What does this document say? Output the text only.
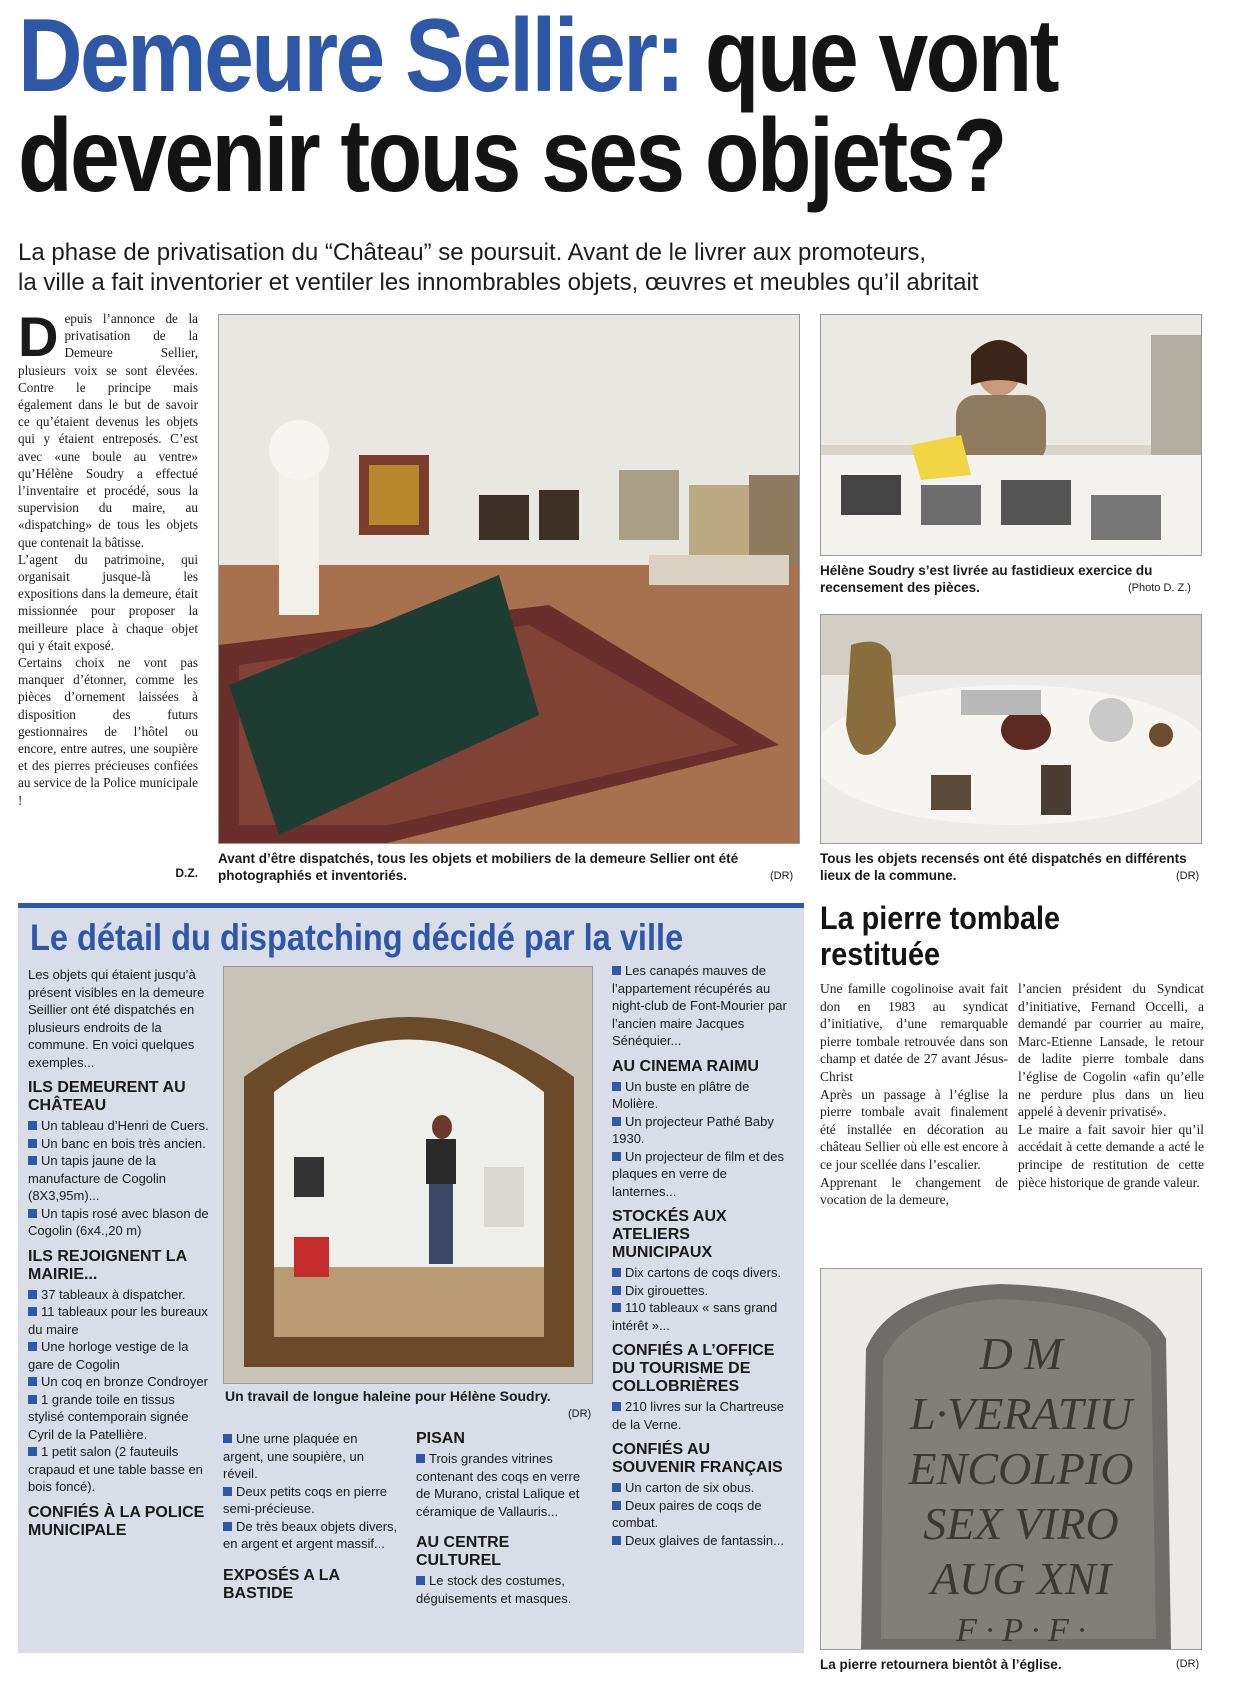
Demeure Sellier: que vont
devenir tous ses objets?
La phase de privatisation du “Château” se poursuit. Avant de le livrer aux promoteurs,
la ville a fait inventorier et ventiler les innombrables objets, œuvres et meubles qu’il abritait
D epuis l’annonce de la privatisation de la Demeure Sellier, plusieurs voix se sont élevées. Contre le principe mais également dans le but de savoir ce qu’étaient devenus les objets qui y étaient entreposés. C’est avec «une boule au ventre» qu’Hélène Soudry a effectué l’inventaire et procédé, sous la supervision du maire, au «dispatching» de tous les objets que contenait la bâtisse.

L’agent du patrimoine, qui organisait jusque-là les expositions dans la demeure, était missionnée pour proposer la meilleure place à chaque objet qui y était exposé.

Certains choix ne vont pas manquer d’étonner, comme les pièces d’ornement laissées à disposition des futurs gestionnaires de l’hôtel ou encore, entre autres, une soupière et des pierres précieuses confiées au service de la Police municipale !

D.Z.
Avant d’être dispatchés, tous les objets et mobiliers de la demeure Sellier ont été photographiés et inventoriés.	(DR)
Hélène Soudry s’est livrée au fastidieux exercice du recensement des pièces.	(Photo D. Z.)
Tous les objets recensés ont été dispatchés en différents lieux de la commune.	(DR)
Le détail du dispatching décidé par la ville
Les objets qui étaient jusqu’à présent visibles en la demeure Seillier ont été dispatchés en plusieurs endroits de la commune. En voici quelques exemples...
ILS DEMEURENT AU CHÂTEAU
Un tableau d’Henri de Cuers.
Un banc en bois très ancien.
Un tapis jaune de la manufacture de Cogolin (8X3,95m)...
Un tapis rosé avec blason de Cogolin (6x4.,20 m)
ILS REJOIGNENT LA MAIRIE...
37 tableaux à dispatcher.
11 tableaux pour les bureaux du maire
Une horloge vestige de la gare de Cogolin
Un coq en bronze Condroyer
1 grande toile en tissus stylisé contemporain signée Cyril de la Patellière.
1 petit salon (2 fauteuils crapaud et une table basse en bois foncé).
CONFIÉS À LA POLICE MUNICIPALE
Un travail de longue haleine pour Hélène Soudry.
(DR)
Une urne plaquée en argent, une soupière, un réveil.
Deux petits coqs en pierre semi-précieuse.
De très beaux objets divers, en argent et argent massif...
EXPOSÉS A LA BASTIDE
PISAN
Trois grandes vitrines contenant des coqs en verre de Murano, cristal Lalique et céramique de Vallauris...
AU CENTRE CULTUREL
Le stock des costumes, déguisements et masques.
Les canapés mauves de l’appartement récupérés au night-club de Font-Mourier par l’ancien maire Jacques Sénéquier...
AU CINEMA RAIMU
Un buste en plâtre de Molière.
Un projecteur Pathé Baby 1930.
Un projecteur de film et des plaques en verre de lanternes...
STOCKÉS AUX ATELIERS MUNICIPAUX
Dix cartons de coqs divers.
Dix girouettes.
110 tableaux « sans grand intérêt »...
CONFIÉS A L’OFFICE DU TOURISME DE COLLOBRIÈRES
210 livres sur la Chartreuse de la Verne.
CONFIÉS AU SOUVENIR FRANÇAIS
Un carton de six obus.
Deux paires de coqs de combat.
Deux glaives de fantassin...
La pierre tombale restituée
Une famille cogolinoise avait fait don en 1983 au syndicat d’initiative, d’une remarquable pierre tombale retrouvée dans son champ et datée de 27 avant Jésus-Christ
Après un passage à l’église la pierre tombale avait finalement été installée en décoration au château Sellier où elle est encore à ce jour scellée dans l’escalier.
Apprenant le changement de vocation de la demeure,
l’ancien président du Syndicat d’initiative, Fernand Occelli, a demandé par courrier au maire, Marc-Etienne Lansade, le retour de ladite pierre tombale dans l’église de Cogolin «afin qu’elle ne perdure plus dans un lieu appelé à devenir privatisé».
Le maire a fait savoir hier qu’il accédait à cette demande a acté le principe de restitution de cette pièce historique de grande valeur.
D M
L·VERATIU
ENCOLPIO
SEX VIRO
AUG XNI
F · P · F ·
La pierre retournera bientôt à l’église.	(DR)
